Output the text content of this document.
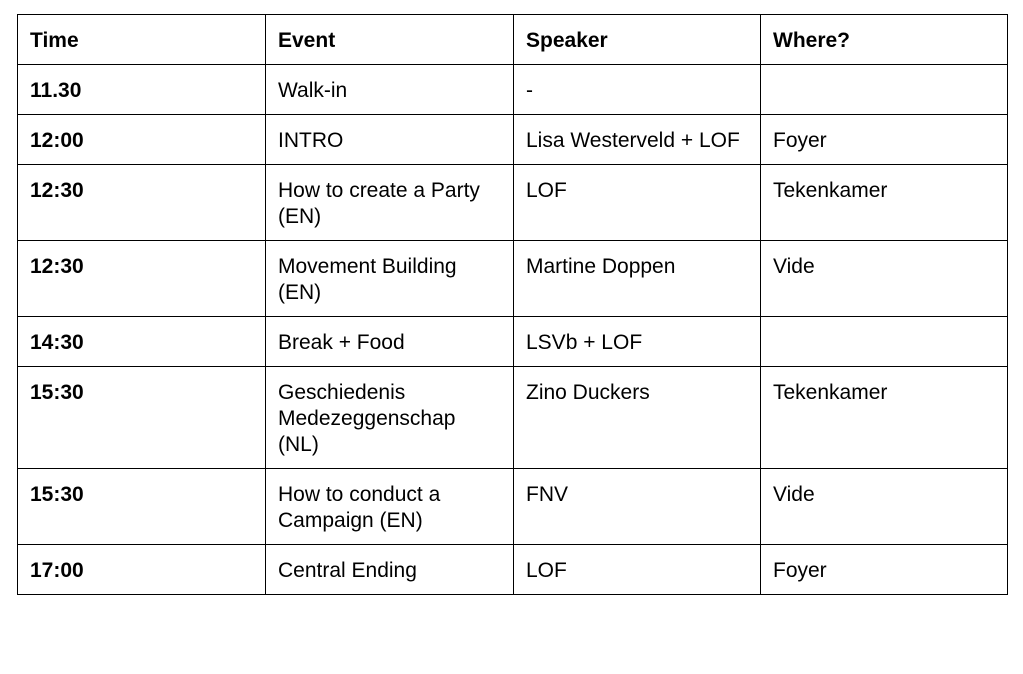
Time	Event	Speaker	Where?
11.30	Walk-in	-	
12:00	INTRO	Lisa Westerveld + LOF	Foyer
12:30	How to create a Party (EN)	LOF	Tekenkamer
12:30	Movement Building (EN)	Martine Doppen	Vide
14:30	Break + Food	LSVb + LOF	
15:30	Geschiedenis Medezeggenschap (NL)	Zino Duckers	Tekenkamer
15:30	How to conduct a Campaign (EN)	FNV	Vide
17:00	Central Ending	LOF	Foyer
